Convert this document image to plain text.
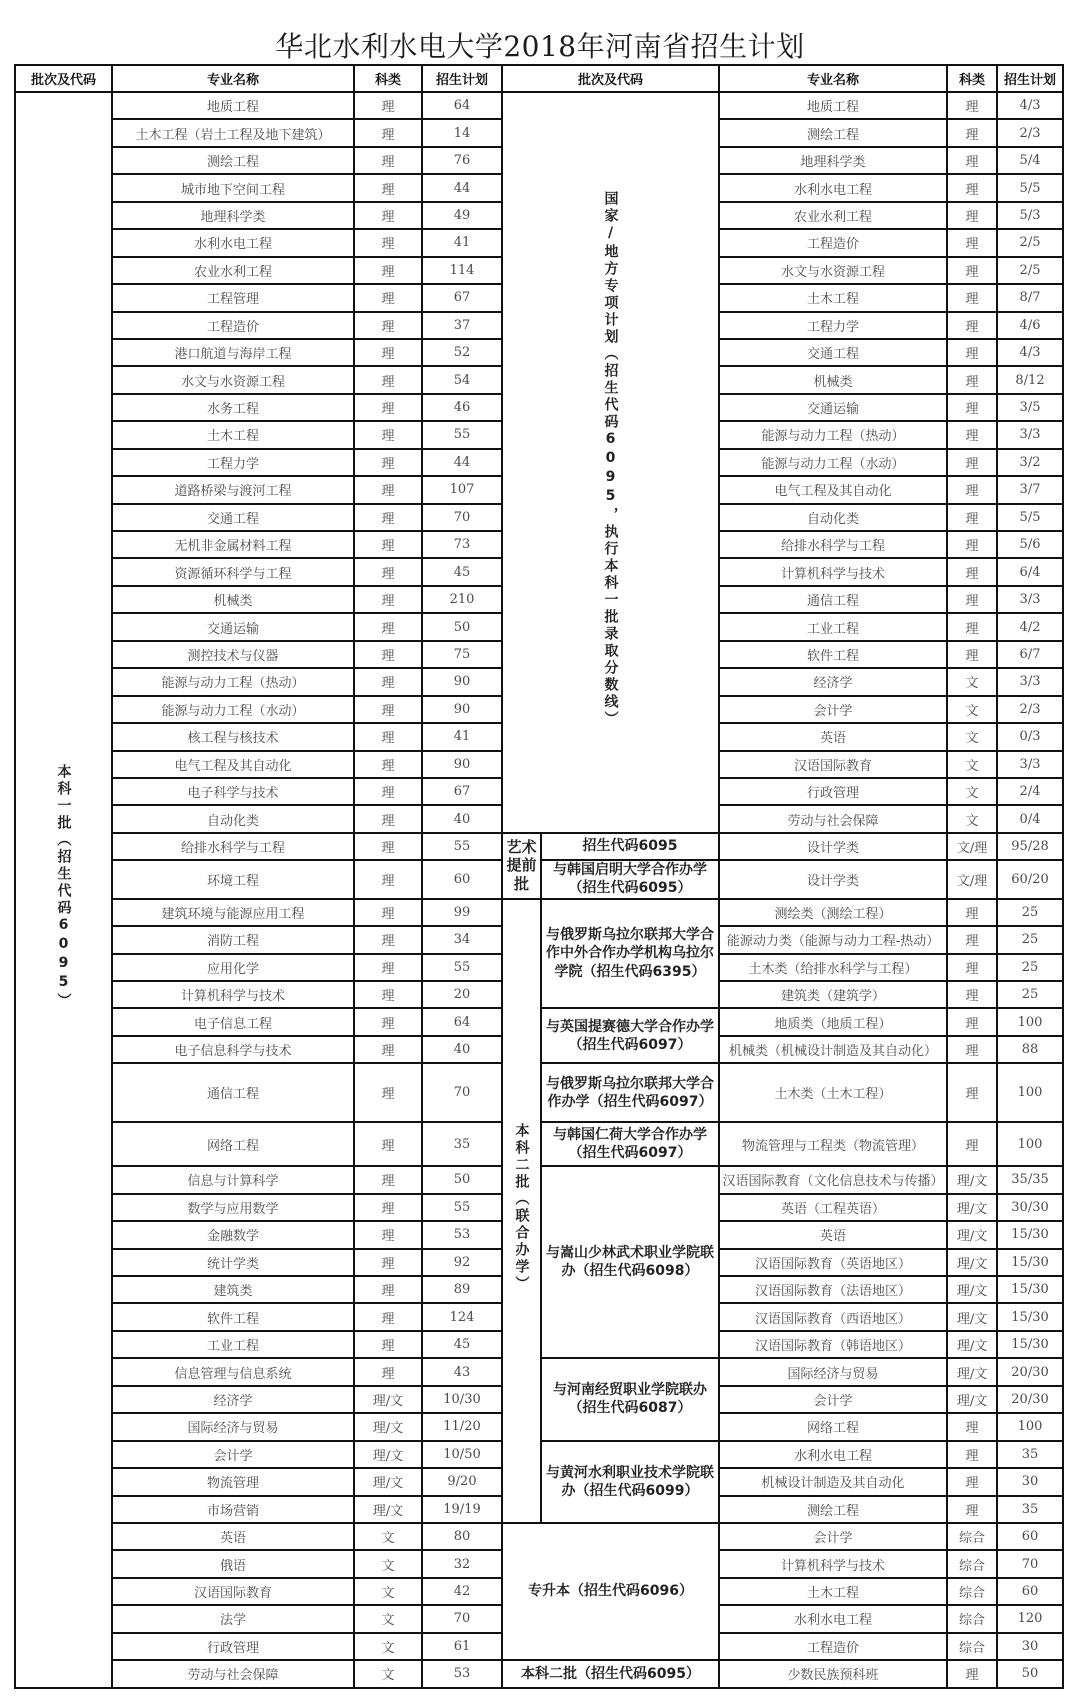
华北水利水电大学2018年河南省招生计划
批次及代码	专业名称	科类	招生计划	批次及代码		专业名称	科类	招生计划
本科一批（招生代码6095）	地质工程	理	64	国家/地方专项计划（招生代码6095，执行本科一批录取分数线）		地质工程	理	4/3
	土木工程（岩土工程及地下建筑）	理	14			测绘工程	理	2/3
	测绘工程	理	76			地理科学类	理	5/4
	城市地下空间工程	理	44			水利水电工程	理	5/5
	地理科学类	理	49			农业水利工程	理	5/3
	水利水电工程	理	41			工程造价	理	2/5
	农业水利工程	理	114			水文与水资源工程	理	2/5
	工程管理	理	67			土木工程	理	8/7
	工程造价	理	37			工程力学	理	4/6
	港口航道与海岸工程	理	52			交通工程	理	4/3
	水文与水资源工程	理	54			机械类	理	8/12
	水务工程	理	46			交通运输	理	3/5
	土木工程	理	55			能源与动力工程（热动）	理	3/3
	工程力学	理	44			能源与动力工程（水动）	理	3/2
	道路桥梁与渡河工程	理	107			电气工程及其自动化	理	3/7
	交通工程	理	70			自动化类	理	5/5
	无机非金属材料工程	理	73			给排水科学与工程	理	5/6
	资源循环科学与工程	理	45			计算机科学与技术	理	6/4
	机械类	理	210			通信工程	理	3/3
	交通运输	理	50			工业工程	理	4/2
	测控技术与仪器	理	75			软件工程	理	6/7
	能源与动力工程（热动）	理	90			经济学	文	3/3
	能源与动力工程（水动）	理	90			会计学	文	2/3
	核工程与核技术	理	41			英语	文	0/3
	电气工程及其自动化	理	90			汉语国际教育	文	3/3
	电子科学与技术	理	67			行政管理	文	2/4
	自动化类	理	40			劳动与社会保障	文	0/4
	给排水科学与工程	理	55	艺术提前批	招生代码6095	设计学类	文/理	95/28
	环境工程	理	60		与韩国启明大学合作办学（招生代码6095）	设计学类	文/理	60/20
	建筑环境与能源应用工程	理	99	本科二批（联合办学）	与俄罗斯乌拉尔联邦大学合作中外合作办学机构乌拉尔学院（招生代码6395）	测绘类（测绘工程）	理	25
	消防工程	理	34			能源动力类（能源与动力工程-热动）	理	25
	应用化学	理	55			土木类（给排水科学与工程）	理	25
	计算机科学与技术	理	20			建筑类（建筑学）	理	25
	电子信息工程	理	64		与英国提赛德大学合作办学（招生代码6097）	地质类（地质工程）	理	100
	电子信息科学与技术	理	40			机械类（机械设计制造及其自动化）	理	88
	通信工程	理	70		与俄罗斯乌拉尔联邦大学合作办学（招生代码6097）	土木类（土木工程）	理	100
	网络工程	理	35		与韩国仁荷大学合作办学（招生代码6097）	物流管理与工程类（物流管理）	理	100
	信息与计算科学	理	50		与嵩山少林武术职业学院联办（招生代码6098）	汉语国际教育（文化信息技术与传播）	理/文	35/35
	数学与应用数学	理	55			英语（工程英语）	理/文	30/30
	金融数学	理	53			英语	理/文	15/30
	统计学类	理	92			汉语国际教育（英语地区）	理/文	15/30
	建筑类	理	89			汉语国际教育（法语地区）	理/文	15/30
	软件工程	理	124			汉语国际教育（西语地区）	理/文	15/30
	工业工程	理	45			汉语国际教育（韩语地区）	理/文	15/30
	信息管理与信息系统	理	43		与河南经贸职业学院联办（招生代码6087）	国际经济与贸易	理/文	20/30
	经济学	理/文	10/30			会计学	理/文	20/30
	国际经济与贸易	理/文	11/20			网络工程	理	100
	会计学	理/文	10/50		与黄河水利职业技术学院联办（招生代码6099）	水利水电工程	理	35
	物流管理	理/文	9/20			机械设计制造及其自动化	理	30
	市场营销	理/文	19/19			测绘工程	理	35
	英语	文	80	专升本（招生代码6096）		会计学	综合	60
	俄语	文	32			计算机科学与技术	综合	70
	汉语国际教育	文	42			土木工程	综合	60
	法学	文	70			水利水电工程	综合	120
	行政管理	文	61			工程造价	综合	30
	劳动与社会保障	文	53	本科二批（招生代码6095）		少数民族预科班	理	50
